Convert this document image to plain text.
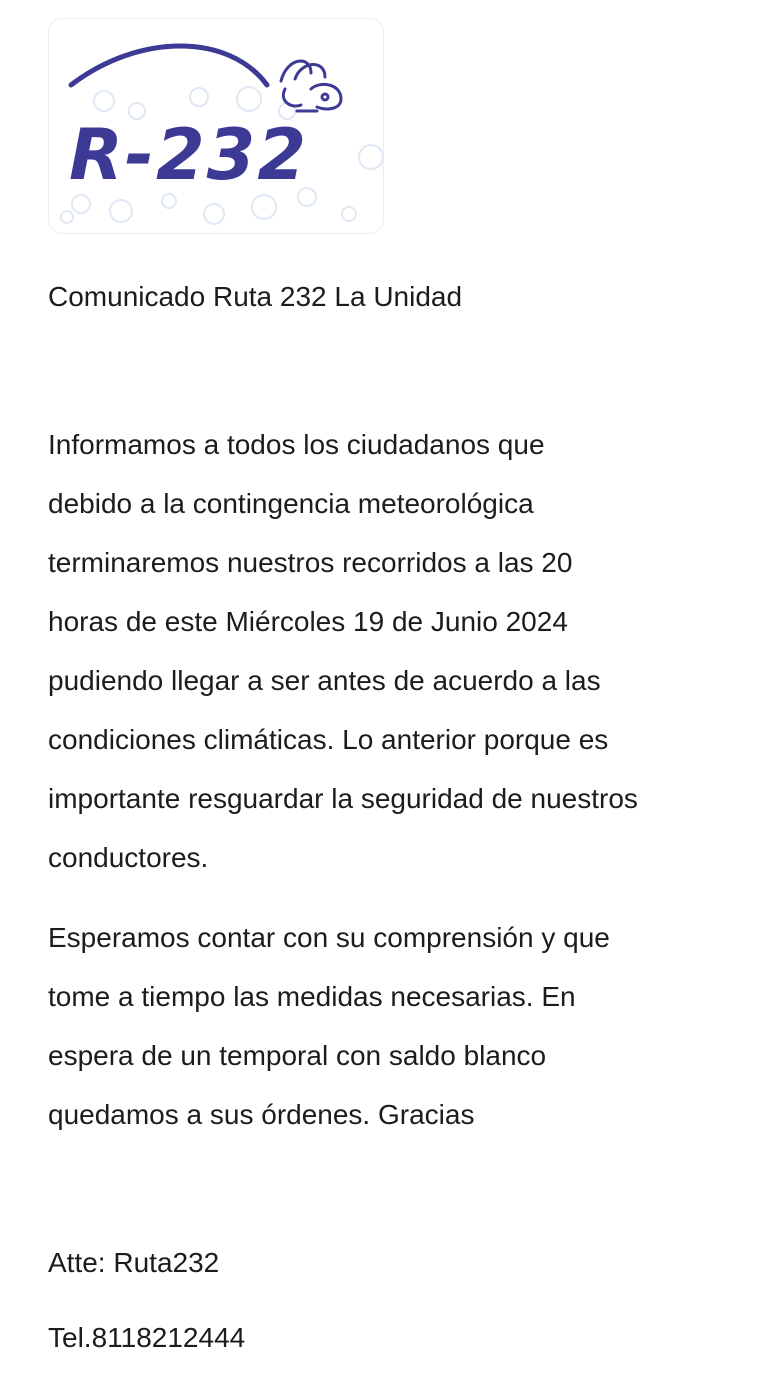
R-232
Comunicado Ruta 232 La Unidad
Informamos a todos los ciudadanos que
debido a la contingencia meteorológica
terminaremos nuestros recorridos a las 20
horas de este Miércoles 19 de Junio 2024
pudiendo llegar a ser antes de acuerdo a las
condiciones climáticas. Lo anterior porque es
importante resguardar la seguridad de nuestros
conductores.
Esperamos contar con su comprensión y que
tome a tiempo las medidas necesarias. En
espera de un temporal con saldo blanco
quedamos a sus órdenes. Gracias
Atte: Ruta232
Tel.8118212444
